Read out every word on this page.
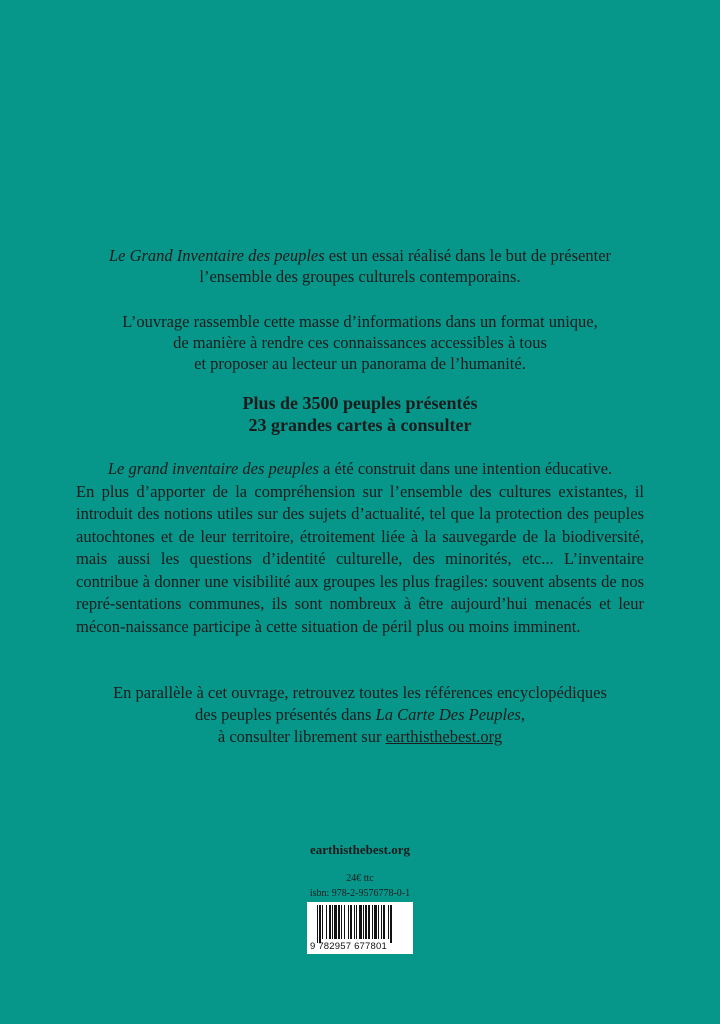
Le Grand Inventaire des peuples est un essai réalisé dans le but de présenter

l’ensemble des groupes culturels contemporains.

L’ouvrage rassemble cette masse d’informations dans un format unique,

de manière à rendre ces connaissances accessibles à tous

et proposer au lecteur un panorama de l’humanité.

Plus de 3500 peuples présentés
23 grandes cartes à consulter

Le grand inventaire des peuples a été construit dans une intention éducative.

En plus d’apporter de la compréhension sur l’ensemble des cultures existantes, il introduit des notions utiles sur des sujets d’actualité, tel que la protection des peuples autochtones et de leur territoire, étroitement liée à la sauvegarde de la biodiversité, mais aussi les questions d’identité culturelle, des minorités, etc... L’inventaire contribue à donner une visibilité aux groupes les plus fragiles: souvent absents de nos repré-sentations communes, ils sont nombreux à être aujourd’hui menacés et leur mécon-naissance participe à cette situation de péril plus ou moins imminent.

En parallèle à cet ouvrage, retrouvez toutes les références encyclopédiques

des peuples présentés dans La Carte Des Peuples,

à consulter librement sur earthisthebest.org

earthisthebest.org
24€ ttc
isbn: 978-2-9576778-0-1
9 782957 677801
